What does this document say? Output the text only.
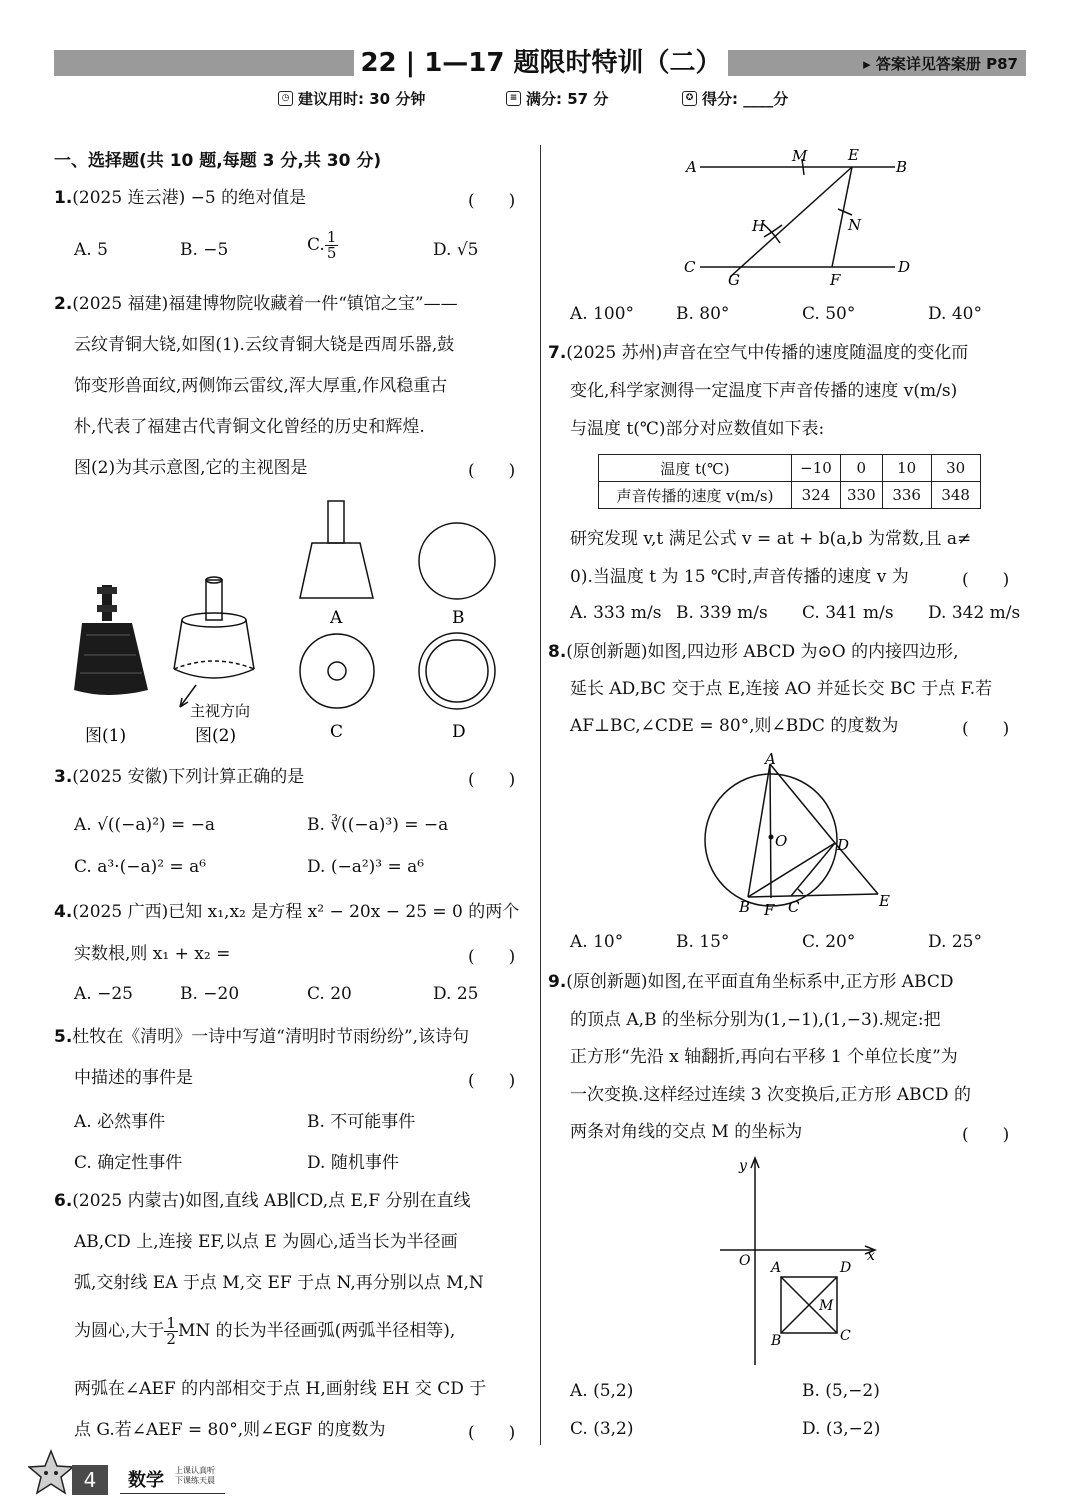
22 | 1—17 题限时特训（二）	▸ 答案详见答案册 P87
◷ 建议用时: 30 分钟	≡ 满分: 57 分	✪ 得分: ____分
一、选择题(共 10 题,每题 3 分,共 30 分)
1.(2025 连云港) −5 的绝对值是	(　　)
A. 5	B. −5	C. $\frac{1}{5}$	D. √5
2.(2025 福建)福建博物院收藏着一件“镇馆之宝”——
云纹青铜大铙,如图(1).云纹青铜大铙是西周乐器,鼓
饰变形兽面纹,两侧饰云雷纹,浑大厚重,作风稳重古
朴,代表了福建古代青铜文化曾经的历史和辉煌.
图(2)为其示意图,它的主视图是	(　　)
主视方向
图(1)	图(2)
A	B
C	D
3.(2025 安徽)下列计算正确的是	(　　)
A. √((−a)²) = −a	B. ∛((−a)³) = −a
C. a³·(−a)² = a⁶	D. (−a²)³ = a⁶
4.(2025 广西)已知 x₁,x₂ 是方程 x² − 20x − 25 = 0 的两个
实数根,则 x₁ + x₂ =	(　　)
A. −25	B. −20	C. 20	D. 25
5.杜牧在《清明》一诗中写道“清明时节雨纷纷”,该诗句
中描述的事件是	(　　)
A. 必然事件	B. 不可能事件
C. 确定性事件	D. 随机事件
6.(2025 内蒙古)如图,直线 AB∥CD,点 E,F 分别在直线
AB,CD 上,连接 EF,以点 E 为圆心,适当长为半径画
弧,交射线 EA 于点 M,交 EF 于点 N,再分别以点 M,N
为圆心,大于 $\frac{1}{2}$ MN 的长为半径画弧(两弧半径相等),
两弧在∠AEF 的内部相交于点 H,画射线 EH 交 CD 于
点 G.若∠AEF = 80°,则∠EGF 的度数为	(　　)
A
M	E
B
H	N
C
G	F
D
A. 100° B. 80°	C. 50°	D. 40°
7.(2025 苏州)声音在空气中传播的速度随温度的变化而
变化,科学家测得一定温度下声音传播的速度 v(m/s)
与温度 t(℃)部分对应数值如下表:
温度 t(℃)	−10	0	10	30
声音传播的速度 v(m/s)	324	330	336	348
研究发现 v,t 满足公式 v = at + b(a,b 为常数,且 a≠
0).当温度 t 为 15 ℃时,声音传播的速度 v 为	(　　)
A. 333 m/s B. 339 m/s C. 341 m/s D. 342 m/s
8.(原创新题)如图,四边形 ABCD 为⊙O 的内接四边形,
延长 AD,BC 交于点 E,连接 AO 并延长交 BC 于点 F.若
AF⊥BC,∠CDE = 80°,则∠BDC 的度数为	(　　)
A
O	D
E
B F C
A. 10°	B. 15°	C. 20°	D. 25°
9.(原创新题)如图,在平面直角坐标系中,正方形 ABCD
的顶点 A,B 的坐标分别为(1,−1),(1,−3).规定:把
正方形“先沿 x 轴翻折,再向右平移 1 个单位长度”为
一次变换.这样经过连续 3 次变换后,正方形 ABCD 的
两条对角线的交点 M 的坐标为	(　　)
y
x
O A	D
M
B	C
A. (5,2)	B. (5,−2)
C. (3,2)	D. (3,−2)
4	数学 上课认真听
下课练天晨
